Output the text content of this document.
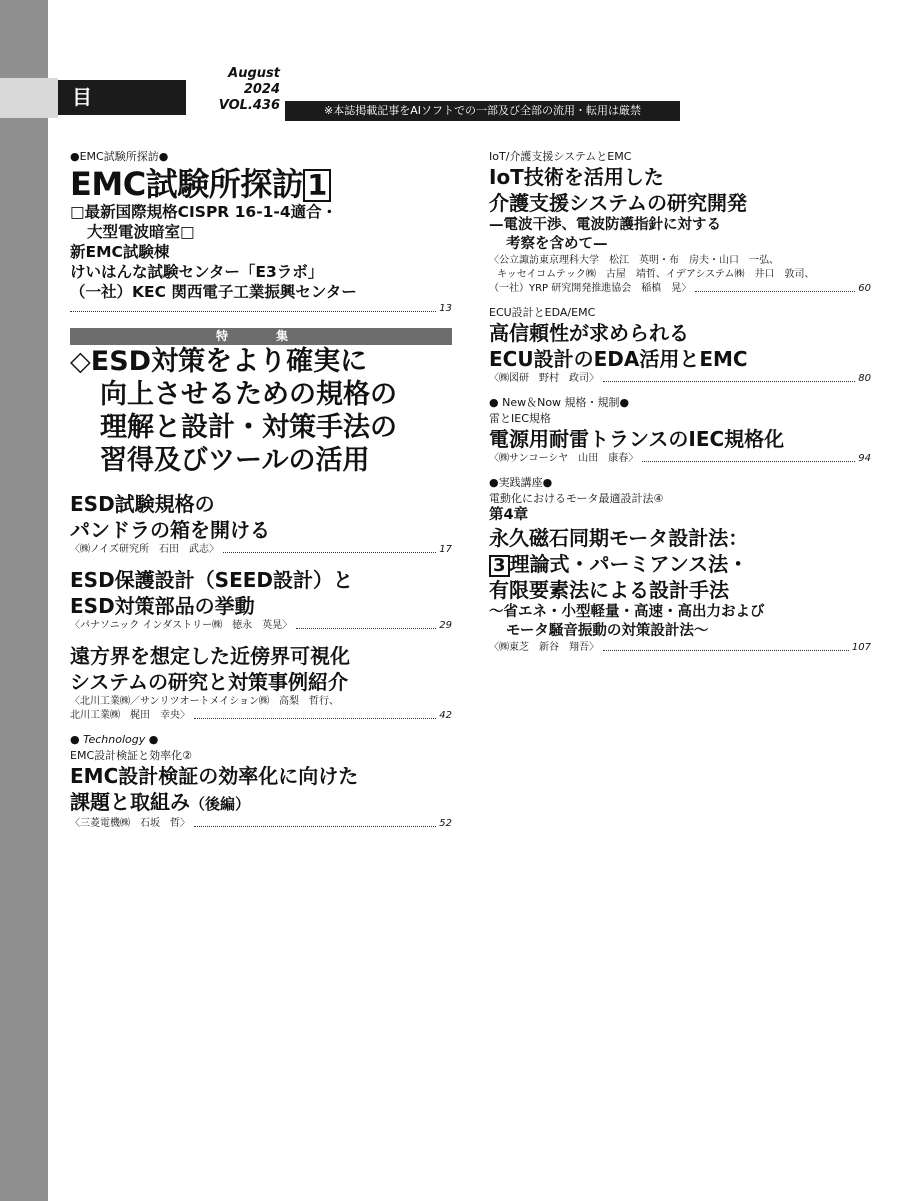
目　次
August
2024
VOL.436	※本誌掲載記事をAIソフトでの一部及び全部の流用・転用は厳禁
●EMC試験所探訪●
EMC試験所探訪 1
□最新国際規格CISPR 16-1-4適合・
大型電波暗室□
新EMC試験棟
けいはんな試験センター「E3ラボ」
（一社）KEC 関西電子工業振興センター
13
特　集
◇ESD対策をより確実に
向上させるための規格の
理解と設計・対策手法の
習得及びツールの活用
ESD試験規格の
パンドラの箱を開ける
〈㈱ノイズ研究所　石田　武志〉	17
ESD保護設計（SEED設計）と
ESD対策部品の挙動
〈パナソニック インダストリー㈱　徳永　英晃〉	29
遠方界を想定した近傍界可視化
システムの研究と対策事例紹介
〈北川工業㈱／サンリツオートメイション㈱　高梨　哲行、
北川工業㈱　梶田　幸央〉	42
● Technology ●
EMC設計検証と効率化②
EMC設計検証の効率化に向けた
課題と取組み（後編）
〈三菱電機㈱　石坂　哲〉	52
IoT/介護支援システムとEMC
IoT技術を活用した
介護支援システムの研究開発
—電波干渉、電波防護指針に対する
考察を含めて—
〈公立諏訪東京理科大学　松江　英明・布　房夫・山口　一弘、
キッセイコムテック㈱　古屋　靖哲、イデアシステム㈱　井口　敦司、
（一社）YRP 研究開発推進協会　稲槙　晃〉	60
ECU設計とEDA/EMC
高信頼性が求められる
ECU設計のEDA活用とEMC
〈㈱図研　野村　政司〉	80
● New＆Now 規格・規制●
雷とIEC規格
電源用耐雷トランスのIEC規格化
〈㈱サンコーシヤ　山田　康春〉	94
●実践講座●
電動化におけるモータ最適設計法④
第4章
永久磁石同期モータ設計法：
3 理論式・パーミアンス法・
有限要素法による設計手法
～省エネ・小型軽量・高速・高出力および
モータ騒音振動の対策設計法～
〈㈱東芝　新谷　翔吾〉	107
